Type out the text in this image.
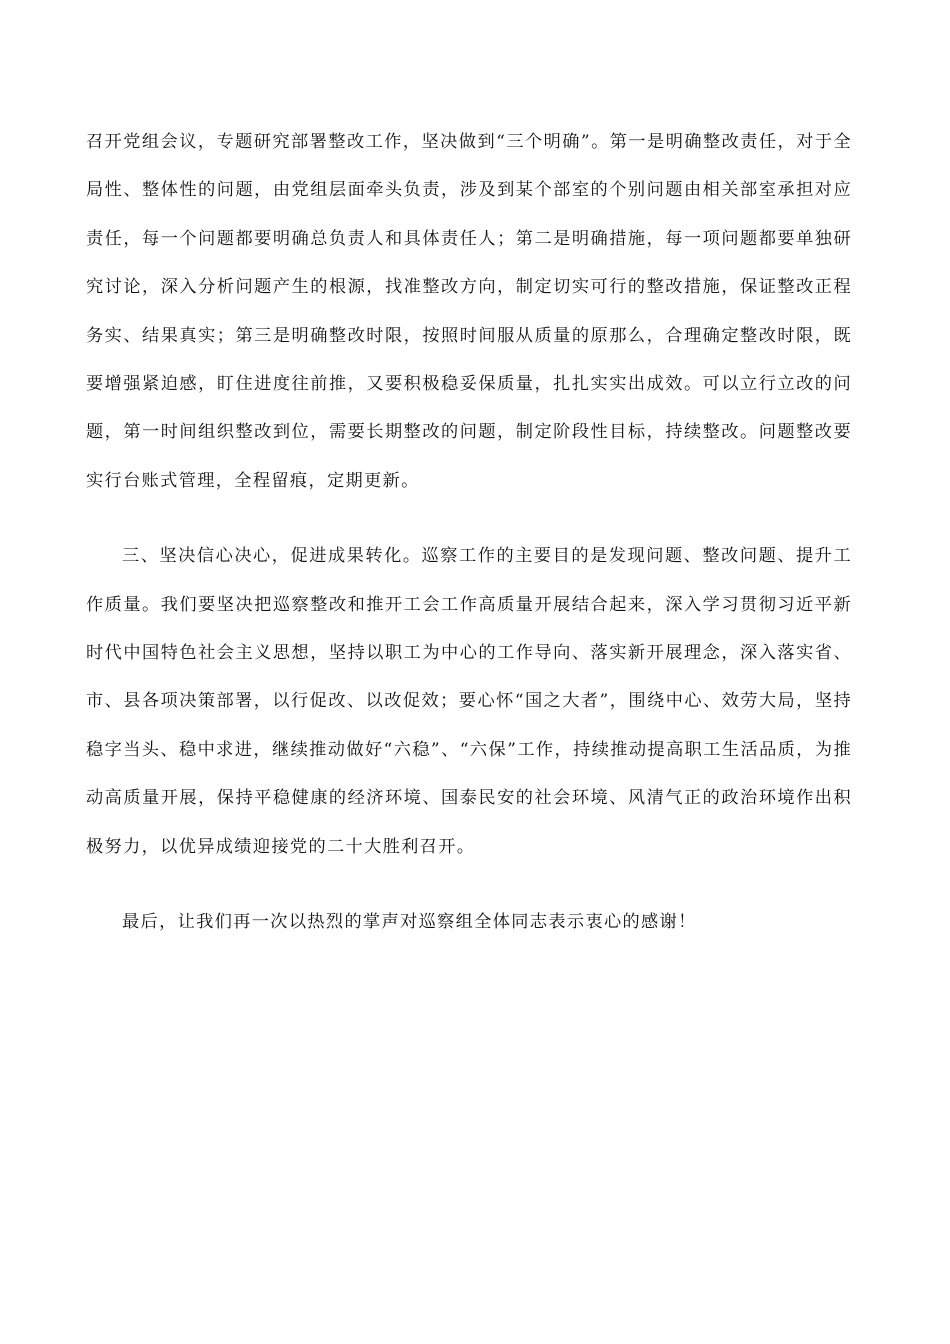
召开党组会议，专题研究部署整改工作，坚决做到“三个明确”。第一是明确整改责任，对于全局性、整体性的问题，由党组层面牵头负责，涉及到某个部室的个别问题由相关部室承担对应责任，每一个问题都要明确总负责人和具体责任人；第二是明确措施，每一项问题都要单独研究讨论，深入分析问题产生的根源，找准整改方向，制定切实可行的整改措施，保证整改正程务实、结果真实；第三是明确整改时限，按照时间服从质量的原那么，合理确定整改时限，既要增强紧迫感，盯住进度往前推，又要积极稳妥保质量，扎扎实实出成效。可以立行立改的问题，第一时间组织整改到位，需要长期整改的问题，制定阶段性目标，持续整改。问题整改要实行台账式管理，全程留痕，定期更新。

三、坚决信心决心，促进成果转化。巡察工作的主要目的是发现问题、整改问题、提升工作质量。我们要坚决把巡察整改和推开工会工作高质量开展结合起来，深入学习贯彻习近平新时代中国特色社会主义思想，坚持以职工为中心的工作导向、落实新开展理念，深入落实省、市、县各项决策部署，以行促改、以改促效；要心怀“国之大者”，围绕中心、效劳大局，坚持稳字当头、稳中求进，继续推动做好“六稳”、“六保”工作，持续推动提高职工生活品质，为推动高质量开展，保持平稳健康的经济环境、国泰民安的社会环境、风清气正的政治环境作出积极努力，以优异成绩迎接党的二十大胜利召开。

最后，让我们再一次以热烈的掌声对巡察组全体同志表示衷心的感谢！
